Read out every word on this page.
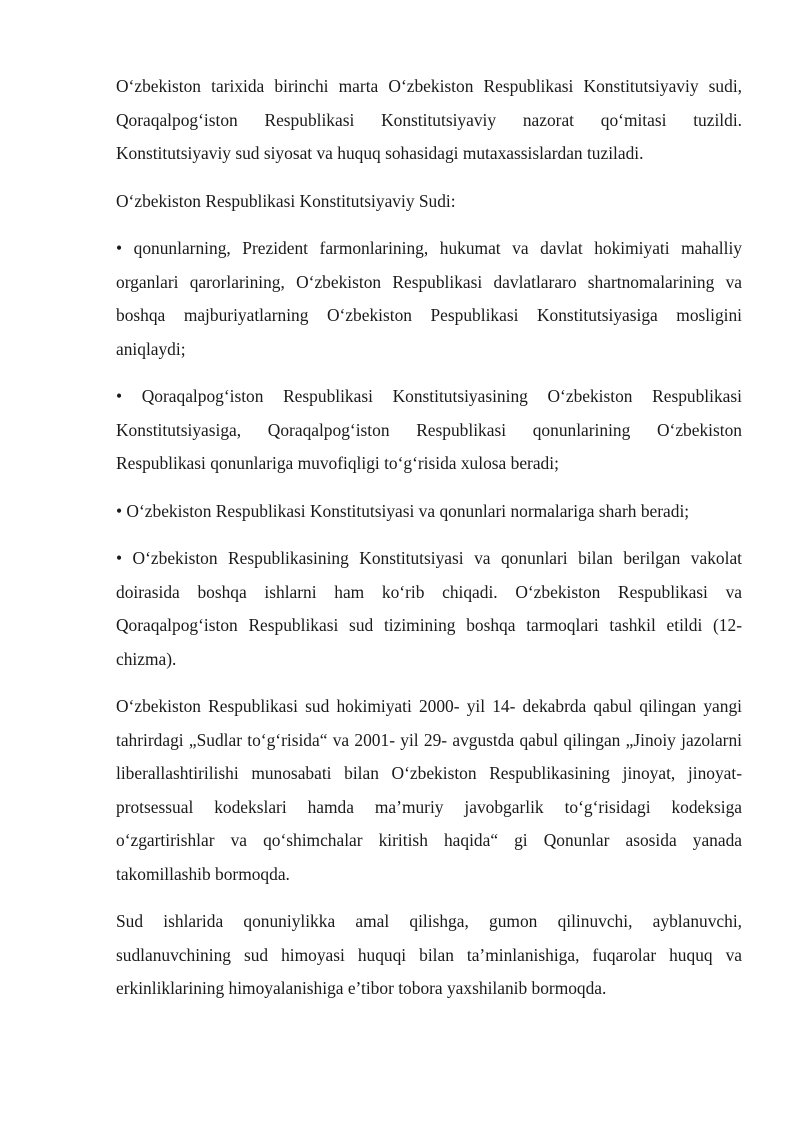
O‘zbekiston tarixida birinchi marta O‘zbekiston Respublikasi Konstitutsiyaviy sudi, Qoraqalpog‘iston Respublikasi Konstitutsiyaviy nazorat qo‘mitasi tuzildi. Konstitutsiyaviy sud siyosat va huquq sohasidagi mutaxassislardan tuziladi.

O‘zbekiston Respublikasi Konstitutsiyaviy Sudi:

• qonunlarning, Prezident farmonlarining, hukumat va davlat hokimiyati mahalliy organlari qarorlarining, O‘zbekiston Respublikasi davlatlararo shartnomalarining va boshqa majburiyatlarning O‘zbekiston Pespublikasi Konstitutsiyasiga mosligini aniqlaydi;

• Qoraqalpog‘iston Respublikasi Konstitutsiyasining O‘zbekiston Respublikasi Konstitutsiyasiga, Qoraqalpog‘iston Respublikasi qonunlarining O‘zbekiston Respublikasi qonunlariga muvofiqligi to‘g‘risida xulosa beradi;

• O‘zbekiston Respublikasi Konstitutsiyasi va qonunlari normalariga sharh beradi;

• O‘zbekiston Respublikasining Konstitutsiyasi va qonunlari bilan berilgan vakolat doirasida boshqa ishlarni ham ko‘rib chiqadi. O‘zbekiston Respublikasi va Qoraqalpog‘iston Respublikasi sud tizimining boshqa tarmoqlari tashkil etildi (12-chizma).

O‘zbekiston Respublikasi sud hokimiyati 2000- yil 14- dekabrda qabul qilingan yangi tahrirdagi „Sudlar to‘g‘risida“ va 2001- yil 29- avgustda qabul qilingan „Jinoiy jazolarni liberallashtirilishi munosabati bilan O‘zbekiston Respublikasining jinoyat, jinoyat-protsessual kodekslari hamda ma’muriy javobgarlik to‘g‘risidagi kodeksiga o‘zgartirishlar va qo‘shimchalar kiritish haqida“ gi Qonunlar asosida yanada takomillashib bormoqda.

Sud ishlarida qonuniylikka amal qilishga, gumon qilinuvchi, ayblanuvchi, sudlanuvchining sud himoyasi huquqi bilan ta’minlanishiga, fuqarolar huquq va erkinliklarining himoyalanishiga e’tibor tobora yaxshilanib bormoqda.
